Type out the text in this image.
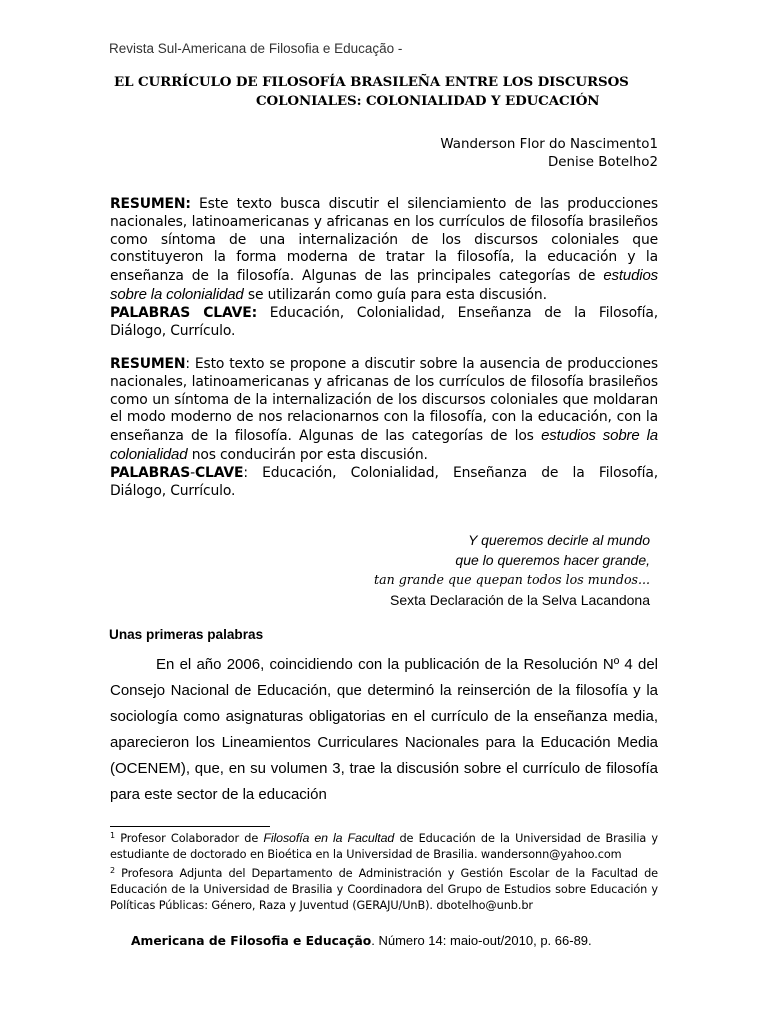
Revista Sul-Americana de Filosofia e Educação -
EL CURRÍCULO DE FILOSOFÍA BRASILEÑA ENTRE LOS DISCURSOS
COLONIALES: COLONIALIDAD Y EDUCACIÓN
Wanderson Flor do Nascimento1
Denise Botelho2
RESUMEN: Este texto busca discutir el silenciamiento de las producciones nacionales, latinoamericanas y africanas en los currículos de filosofía brasileños como síntoma de una internalización de los discursos coloniales que constituyeron la forma moderna de tratar la filosofía, la educación y la enseñanza de la filosofía. Algunas de las principales categorías de estudios sobre la colonialidad se utilizarán como guía para esta discusión.
PALABRAS CLAVE: Educación, Colonialidad, Enseñanza de la Filosofía, Diálogo, Currículo.
RESUMEN: Esto texto se propone a discutir sobre la ausencia de producciones nacionales, latinoamericanas y africanas de los currículos de filosofía brasileños como un síntoma de la internalización de los discursos coloniales que moldaran el modo moderno de nos relacionarnos con la filosofía, con la educación, con la enseñanza de la filosofía. Algunas de las categorías de los estudios sobre la colonialidad nos conducirán por esta discusión.
PALABRAS-CLAVE: Educación, Colonialidad, Enseñanza de la Filosofía, Diálogo, Currículo.
Y queremos decirle al mundo
que lo queremos hacer grande,
tan grande que quepan todos los mundos...
Sexta Declaración de la Selva Lacandona
Unas primeras palabras
En el año 2006, coincidiendo con la publicación de la Resolución Nº 4 del Consejo Nacional de Educación, que determinó la reinserción de la filosofía y la sociología como asignaturas obligatorias en el currículo de la enseñanza media, aparecieron los Lineamientos Curriculares Nacionales para la Educación Media (OCENEM), que, en su volumen 3, trae la discusión sobre el currículo de filosofía para este sector de la educación
$^1$ Profesor Colaborador de Filosofía en la Facultad de Educación de la Universidad de Brasilia y estudiante de doctorado en Bioética en la Universidad de Brasilia. wandersonn@yahoo.com
$^2$ Profesora Adjunta del Departamento de Administración y Gestión Escolar de la Facultad de Educación de la Universidad de Brasilia y Coordinadora del Grupo de Estudios sobre Educación y Políticas Públicas: Género, Raza y Juventud (GERAJU/UnB). dbotelho@unb.br
Americana de Filosofia e Educação. Número 14: maio-out/2010, p. 66-89.
